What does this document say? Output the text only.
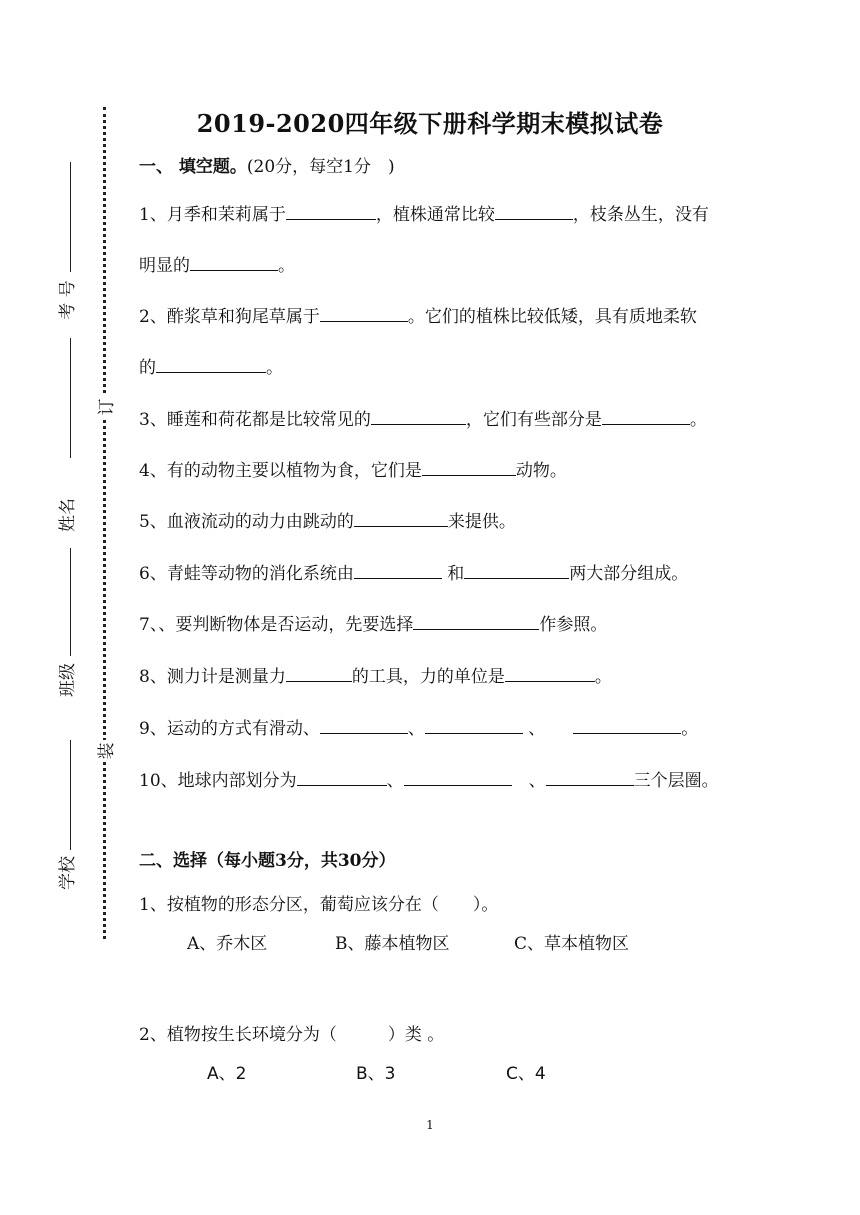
订
装
考 号
姓名
班级
学校
2019-2020四年级下册科学期末模拟试卷
一、 填空题。(20分，每空1分　)
1、月季和茉莉属于	，植株通常比较	，枝条丛生，没有
明显的	。
2、酢浆草和狗尾草属于	。它们的植株比较低矮，具有质地柔软
的	。
3、睡莲和荷花都是比较常见的	，它们有些部分是	。
4、有的动物主要以植物为食，它们是	动物。
5、血液流动的动力由跳动的	来提供。
6、青蛙等动物的消化系统由	和	两大部分组成。
7、、要判断物体是否运动，先要选择	作参照。
8、测力计是测量力	的工具，力的单位是	。
9、运动的方式有滑动、	、	、	。
10、地球内部划分为	、	　、	三个层圈。
二、选择（每小题3分，共30分）
1、按植物的形态分区，葡萄应该分在（　　）。
A、乔木区	B、藤本植物区	C、草本植物区
2、植物按生长环境分为（　　　）类 。
A、2	B、3	C、4
1
